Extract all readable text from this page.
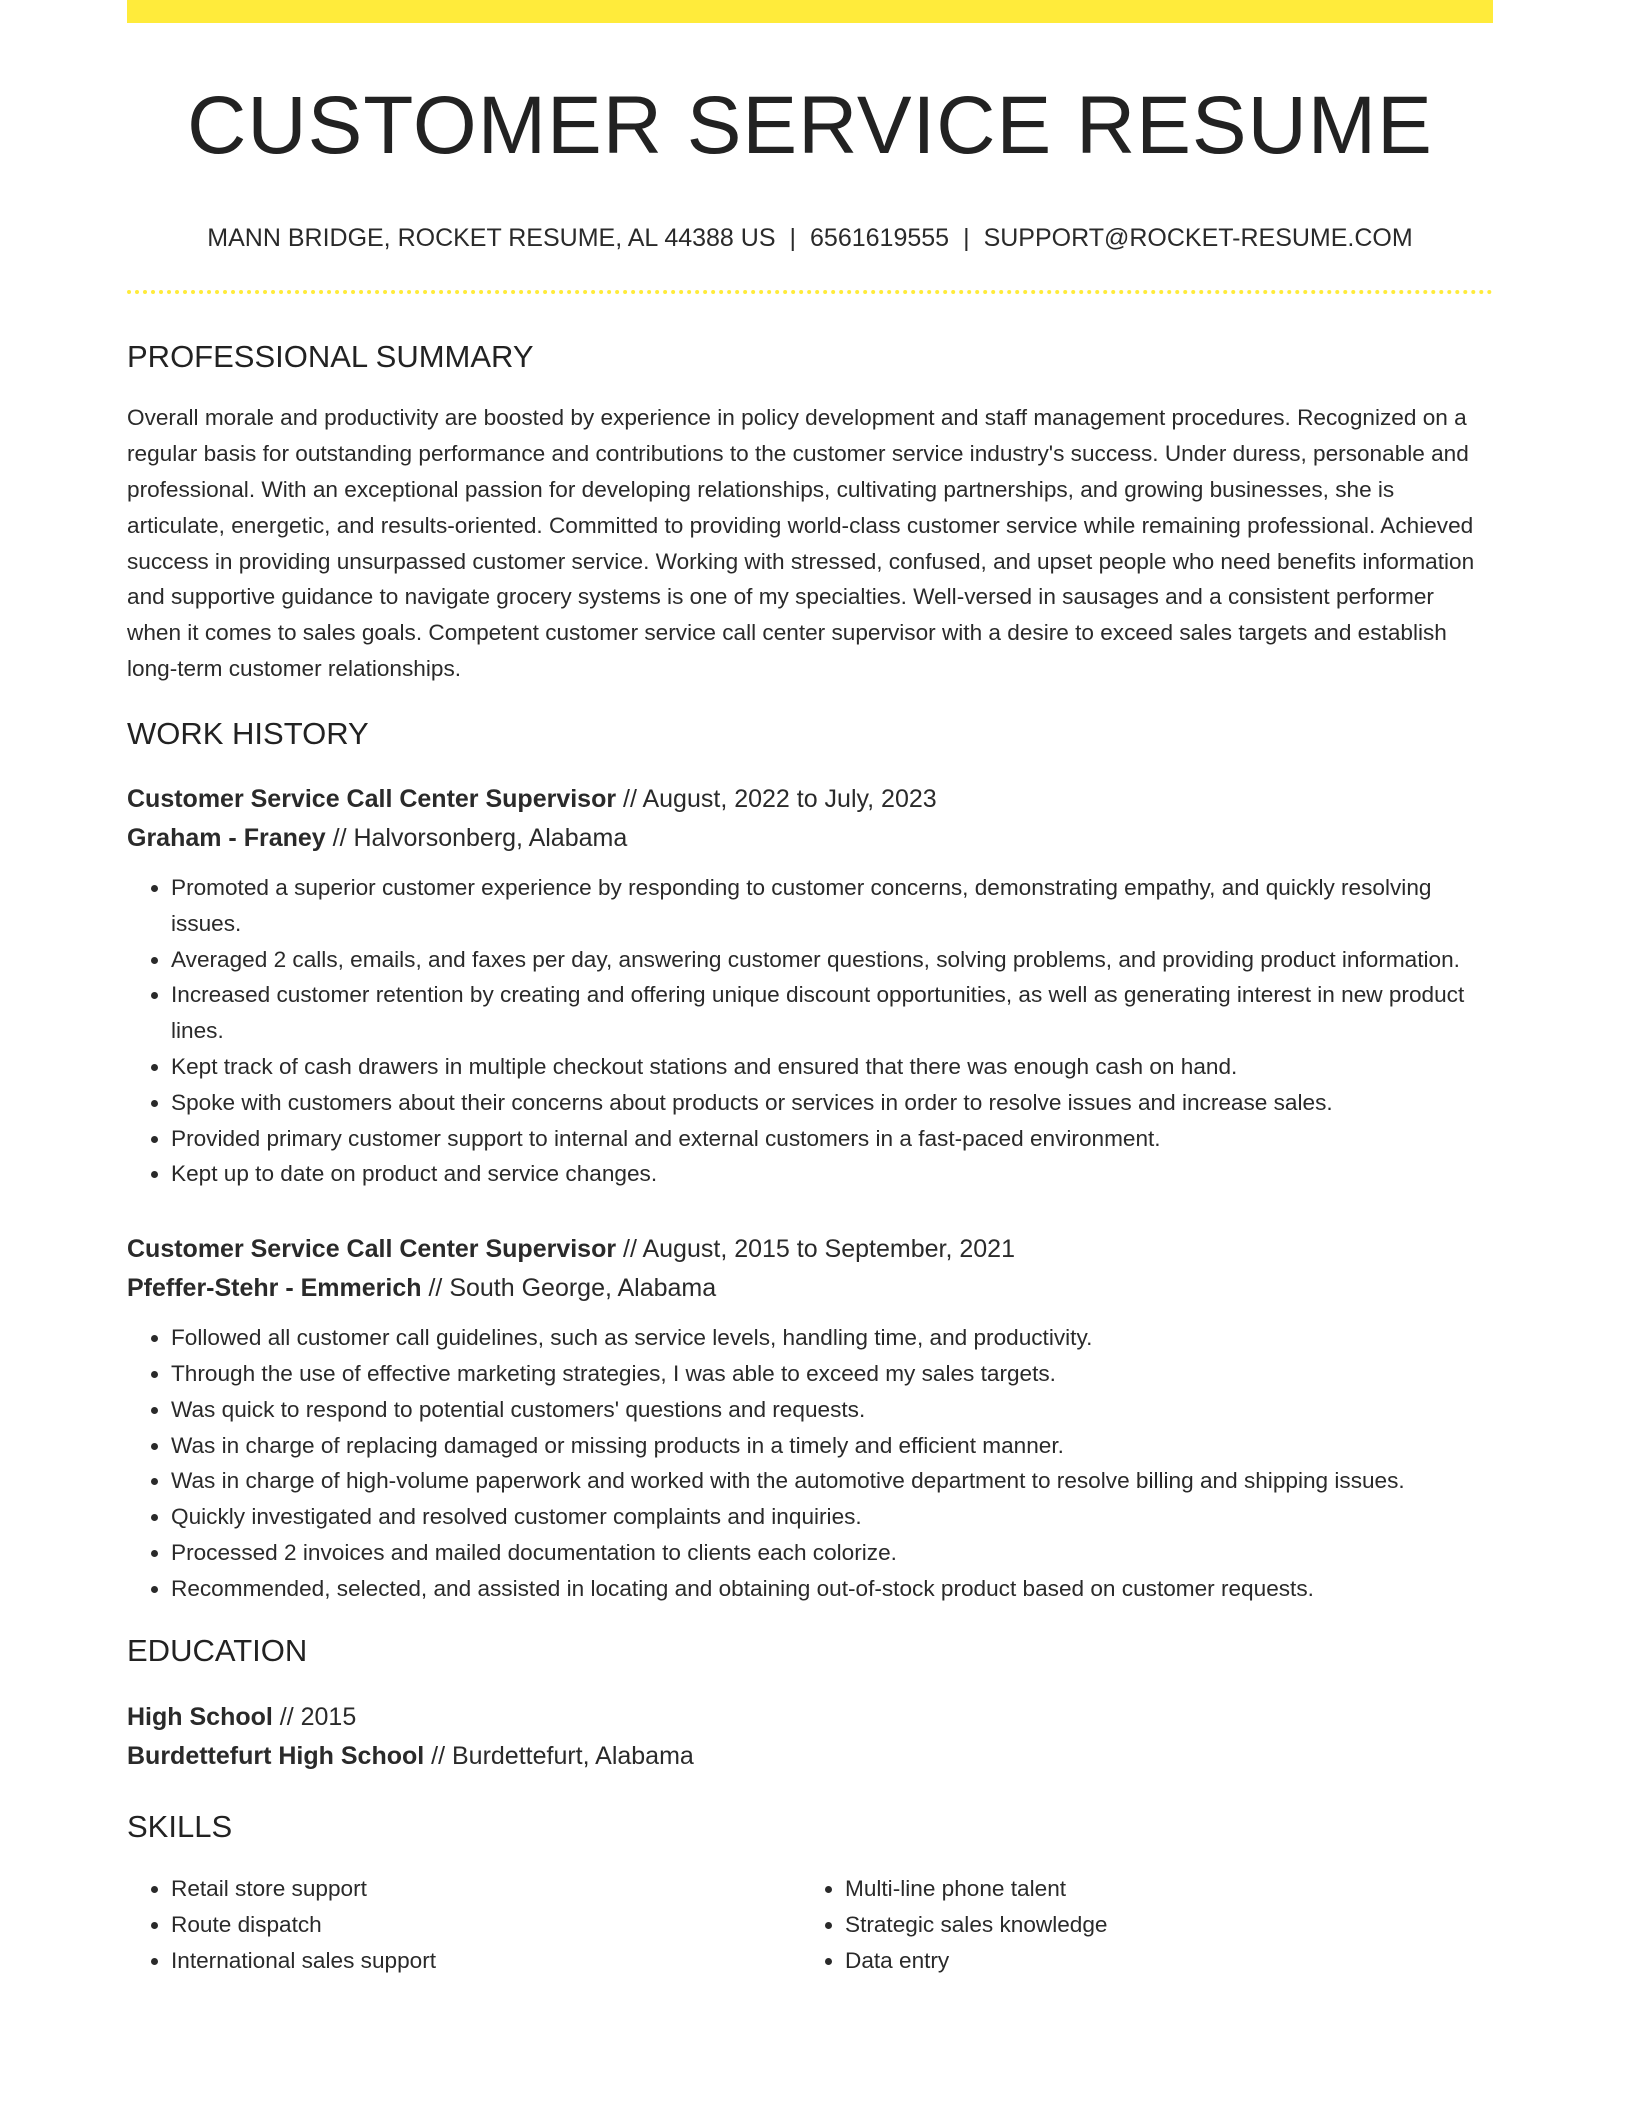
CUSTOMER SERVICE RESUME
MANN BRIDGE, ROCKET RESUME, AL 44388 US | 6561619555 | SUPPORT@ROCKET-RESUME.COM
PROFESSIONAL SUMMARY

Overall morale and productivity are boosted by experience in policy development and staff management procedures. Recognized on a regular basis for outstanding performance and contributions to the customer service industry's success. Under duress, personable and professional. With an exceptional passion for developing relationships, cultivating partnerships, and growing businesses, she is articulate, energetic, and results-oriented. Committed to providing world-class customer service while remaining professional. Achieved success in providing unsurpassed customer service. Working with stressed, confused, and upset people who need benefits information and supportive guidance to navigate grocery systems is one of my specialties. Well-versed in sausages and a consistent performer when it comes to sales goals. Competent customer service call center supervisor with a desire to exceed sales targets and establish long-term customer relationships.

WORK HISTORY
Customer Service Call Center Supervisor // August, 2022 to July, 2023
Graham - Franey // Halvorsonberg, Alabama
• Promoted a superior customer experience by responding to customer concerns, demonstrating empathy, and quickly resolving issues.
• Averaged 2 calls, emails, and faxes per day, answering customer questions, solving problems, and providing product information.
• Increased customer retention by creating and offering unique discount opportunities, as well as generating interest in new product lines.
• Kept track of cash drawers in multiple checkout stations and ensured that there was enough cash on hand.
• Spoke with customers about their concerns about products or services in order to resolve issues and increase sales.
• Provided primary customer support to internal and external customers in a fast-paced environment.
• Kept up to date on product and service changes.
Customer Service Call Center Supervisor // August, 2015 to September, 2021
Pfeffer-Stehr - Emmerich // South George, Alabama
• Followed all customer call guidelines, such as service levels, handling time, and productivity.
• Through the use of effective marketing strategies, I was able to exceed my sales targets.
• Was quick to respond to potential customers' questions and requests.
• Was in charge of replacing damaged or missing products in a timely and efficient manner.
• Was in charge of high-volume paperwork and worked with the automotive department to resolve billing and shipping issues.
• Quickly investigated and resolved customer complaints and inquiries.
• Processed 2 invoices and mailed documentation to clients each colorize.
• Recommended, selected, and assisted in locating and obtaining out-of-stock product based on customer requests.
EDUCATION
High School // 2015
Burdettefurt High School // Burdettefurt, Alabama
SKILLS
• Retail store support
• Route dispatch
• International sales support
• Multi-line phone talent
• Strategic sales knowledge
• Data entry
